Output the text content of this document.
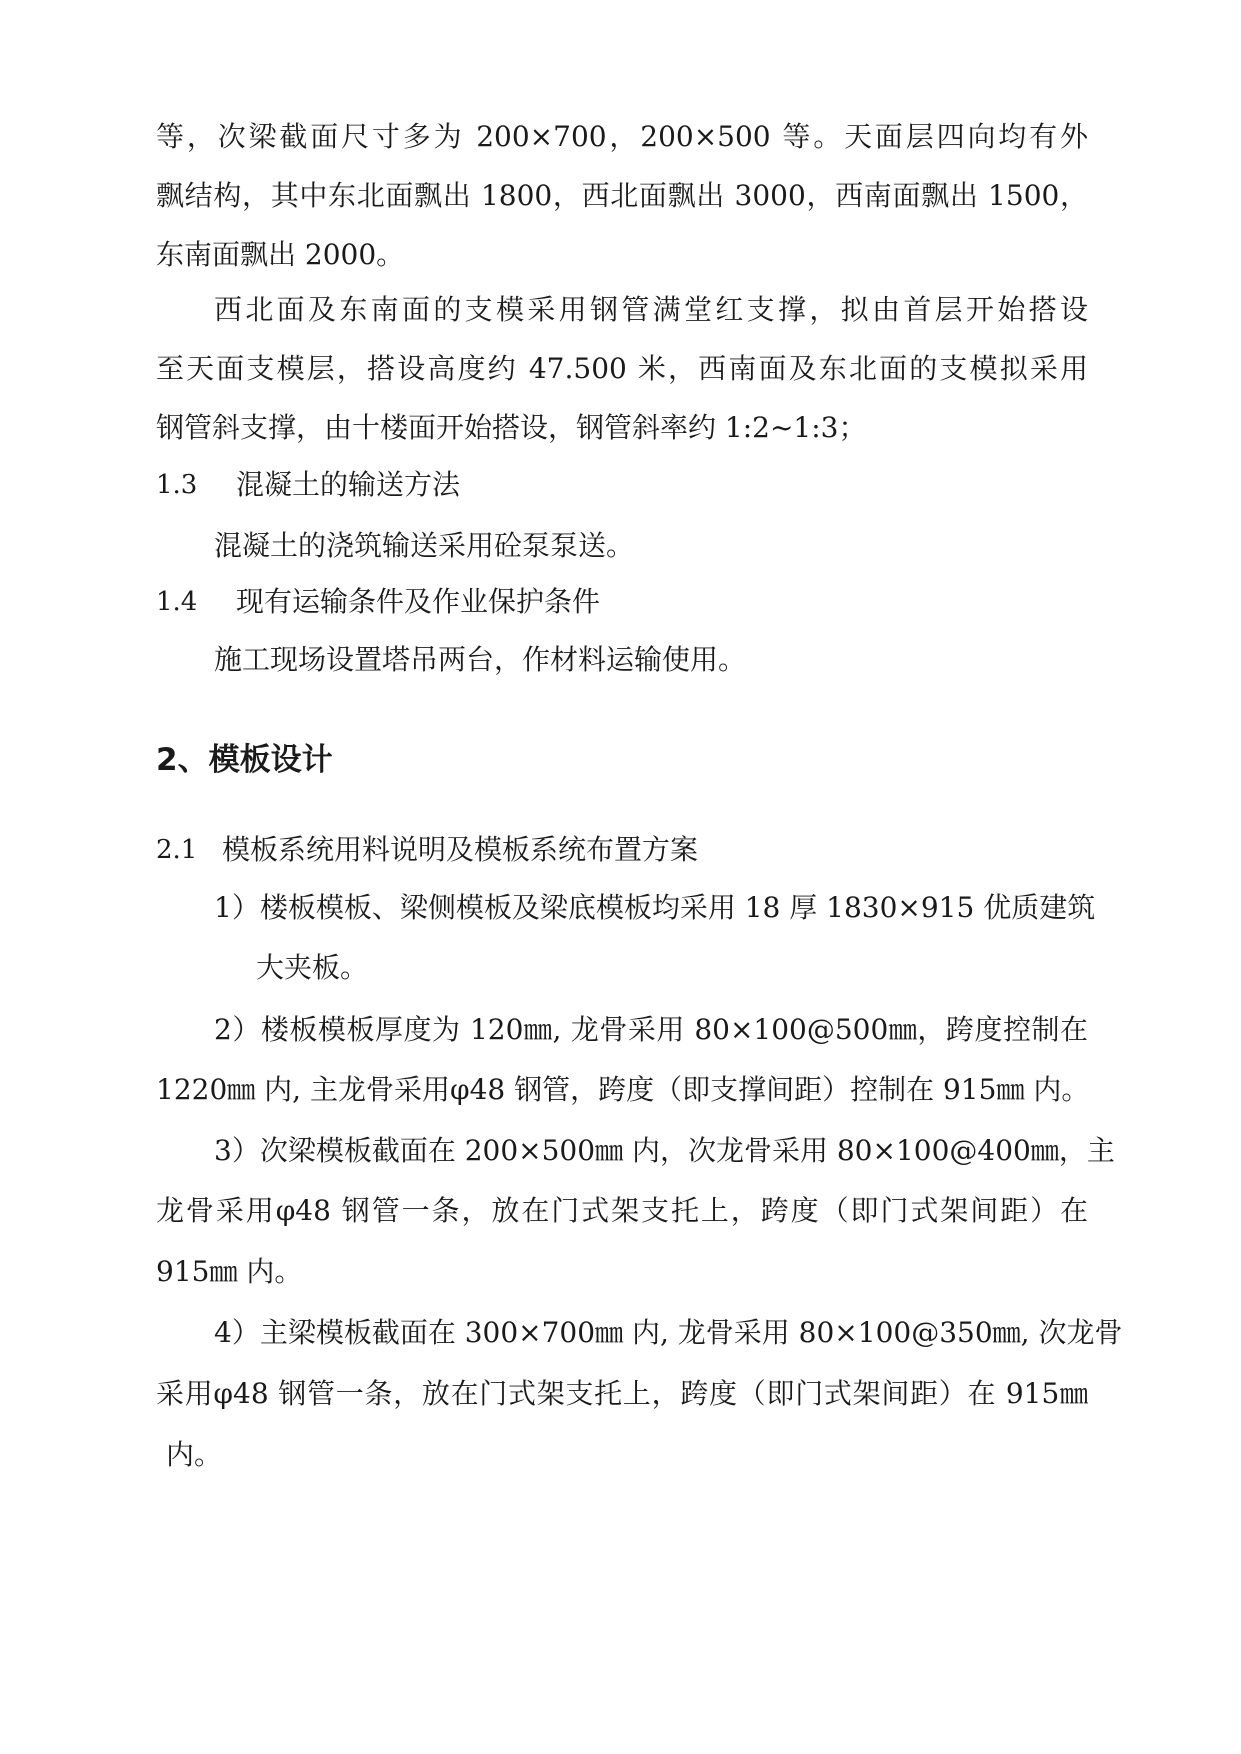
等，次梁截面尺寸多为 200×700，200×500 等。天面层四向均有外
飘结构，其中东北面飘出 1800，西北面飘出 3000，西南面飘出 1500，
东南面飘出 2000。
西北面及东南面的支模采用钢管满堂红支撑，拟由首层开始搭设
至天面支模层，搭设高度约 47.500 米，西南面及东北面的支模拟采用
钢管斜支撑，由十楼面开始搭设，钢管斜率约 1:2~1:3；
1.3 混凝土的输送方法
混凝土的浇筑输送采用砼泵泵送。
1.4 现有运输条件及作业保护条件
施工现场设置塔吊两台，作材料运输使用。
2、模板设计
2.1 模板系统用料说明及模板系统布置方案
1）楼板模板、梁侧模板及梁底模板均采用 18 厚 1830×915 优质建筑
大夹板。
2）楼板模板厚度为 120㎜, 龙骨采用 80×100@500㎜，跨度控制在
1220㎜ 内, 主龙骨采用φ48 钢管，跨度（即支撑间距）控制在 915㎜ 内。
3）次梁模板截面在 200×500㎜ 内，次龙骨采用 80×100@400㎜，主
龙骨采用φ48 钢管一条，放在门式架支托上，跨度（即门式架间距）在
915㎜ 内。
4）主梁模板截面在 300×700㎜ 内, 龙骨采用 80×100@350㎜, 次龙骨
采用φ48 钢管一条，放在门式架支托上，跨度（即门式架间距）在 915㎜
内。
